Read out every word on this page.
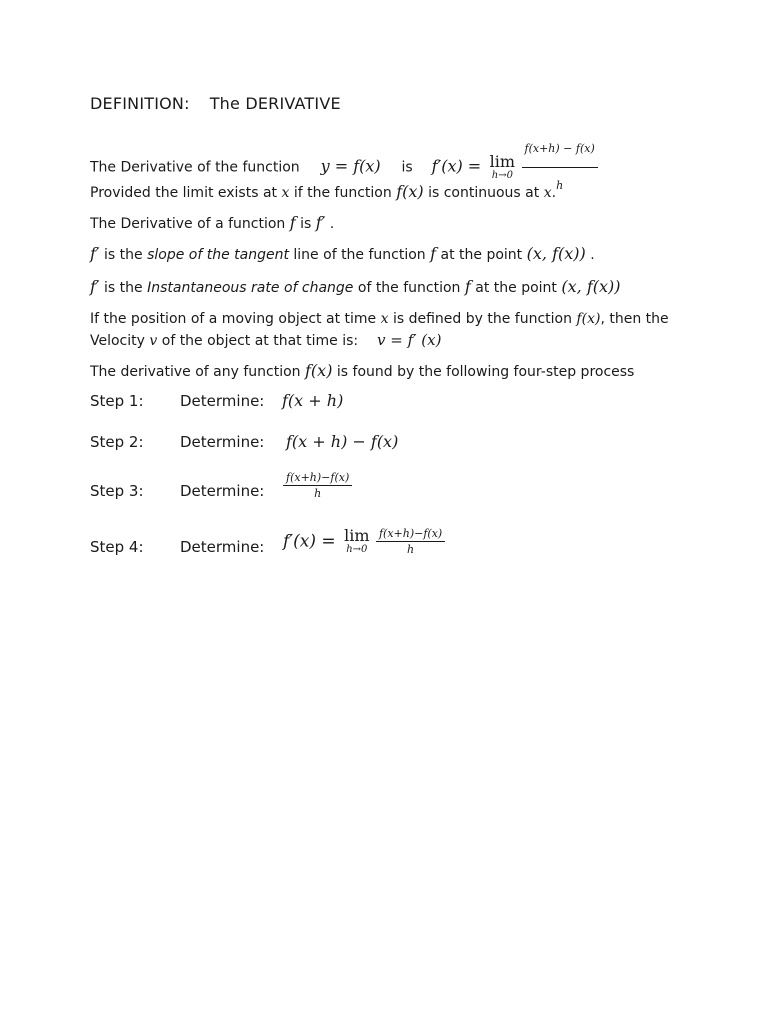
DEFINITION: The DERIVATIVE
The Derivative of the function y = f(x) is f′(x) = lim
h→0
$\frac{f(x+h) - f(x)}{h}$
Provided the limit exists at x if the function f(x) is continuous at x.
The Derivative of a function f is f′ .
f′ is the slope of the tangent line of the function f at the point (x, f(x)) .
f′ is the Instantaneous rate of change of the function f at the point (x, f(x))
If the position of a moving object at time x is defined by the function f(x), then the
Velocity v of the object at that time is: v = f′ (x)
The derivative of any function f(x) is found by the following four-step process
Step 1: Determine: f(x + h)
Step 2: Determine: f(x + h) − f(x)
Step 3: Determine: $\frac{f(x+h)-f(x)}{h}$
Step 4: Determine: f′(x) = lim
h→0
$\frac{f(x+h)-f(x)}{h}$
